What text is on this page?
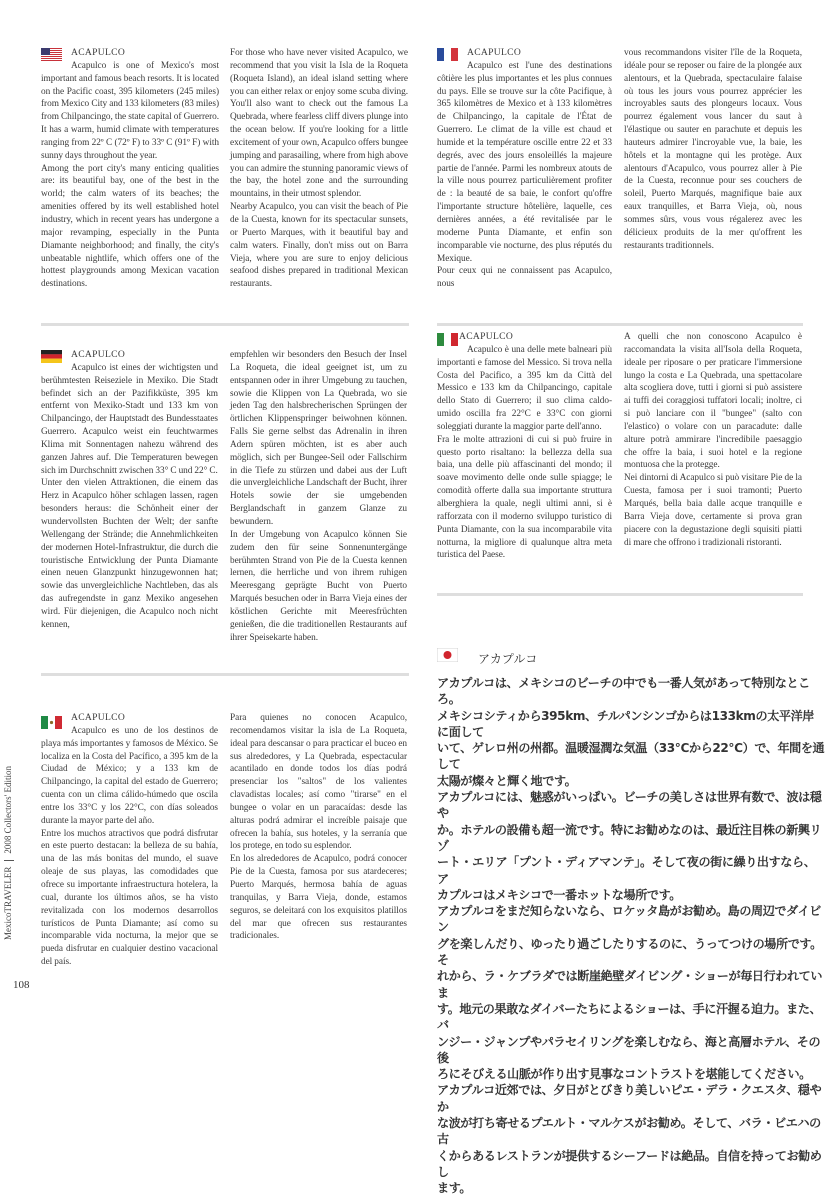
ACAPULCO

Acapulco is one of Mexico's most important and famous beach resorts. It is located on the Pacific coast, 395 kilometers (245 miles) from Mexico City and 133 kilometers (83 miles) from Chilpancingo, the state capital of Guerrero. It has a warm, humid climate with temperatures ranging from 22º C (72º F) to 33º C (91º F) with sunny days throughout the year.

Among the port city's many enticing qualities are: its beautiful bay, one of the best in the world; the calm waters of its beaches; the amenities offered by its well established hotel industry, which in recent years has undergone a major revamping, especially in the Punta Diamante neighborhood; and finally, the city's unbeatable nightlife, which offers one of the hottest playgrounds among Mexican vacation destinations.

For those who have never visited Acapulco, we recommend that you visit la Isla de la Roqueta (Roqueta Island), an ideal island setting where you can either relax or enjoy some scuba diving. You'll also want to check out the famous La Quebrada, where fearless cliff divers plunge into the ocean below. If you're looking for a little excitement of your own, Acapulco offers bungee jumping and parasailing, where from high above you can admire the stunning panoramic views of the bay, the hotel zone and the surrounding mountains, in their utmost splendor.

Nearby Acapulco, you can visit the beach of Pie de la Cuesta, known for its spectacular sunsets, or Puerto Marques, with it beautiful bay and calm waters. Finally, don't miss out on Barra Vieja, where you are sure to enjoy delicious seafood dishes prepared in traditional Mexican restaurants.

ACAPULCO

Acapulco est l'une des destinations côtière les plus importantes et les plus connues du pays. Elle se trouve sur la côte Pacifique, à 365 kilomètres de Mexico et à 133 kilomètres de Chilpancingo, la capitale de l'État de Guerrero. Le climat de la ville est chaud et humide et la température oscille entre 22 et 33 degrés, avec des jours ensoleillés la majeure partie de l'année. Parmi les nombreux atouts de la ville nous pourrez particulièrement profiter de : la beauté de sa baie, le confort qu'offre l'importante structure hôtelière, laquelle, ces dernières années, a été revitalisée par le moderne Punta Diamante, et enfin son incomparable vie nocturne, des plus réputés du Mexique.

Pour ceux qui ne connaissent pas Acapulco, nous

vous recommandons visiter l'île de la Roqueta, idéale pour se reposer ou faire de la plongée aux alentours, et la Quebrada, spectaculaire falaise où tous les jours vous pourrez apprécier les incroyables sauts des plongeurs locaux. Vous pourrez également vous lancer du saut à l'élastique ou sauter en parachute et depuis les hauteurs admirer l'incroyable vue, la baie, les hôtels et la montagne qui les protège. Aux alentours d'Acapulco, vous pourrez aller à Pie de la Cuesta, reconnue pour ses couchers de soleil, Puerto Marqués, magnifique baie aux eaux tranquilles, et Barra Vieja, où, nous sommes sûrs, vous vous régalerez avec les délicieux produits de la mer qu'offrent les restaurants traditionnels.

ACAPULCO

Acapulco ist eines der wichtigsten und berühmtesten Reiseziele in Mexiko. Die Stadt befindet sich an der Pazifikküste, 395 km entfernt von Mexiko-Stadt und 133 km von Chilpancingo, der Hauptstadt des Bundesstaates Guerrero. Acapulco weist ein feuchtwarmes Klima mit Sonnentagen nahezu während des ganzen Jahres auf. Die Temperaturen bewegen sich im Durchschnitt zwischen 33° C und 22° C.

Unter den vielen Attraktionen, die einem das Herz in Acapulco höher schlagen lassen, ragen besonders heraus: die Schönheit einer der wundervollsten Buchten der Welt; der sanfte Wellengang der Strände; die Annehmlichkeiten der modernen Hotel-Infrastruktur, die durch die touristische Entwicklung der Punta Diamante einen neuen Glanzpunkt hinzugewonnen hat; sowie das unvergleichliche Nachtleben, das als das aufregendste in ganz Mexiko angesehen wird. Für diejenigen, die Acapulco noch nicht kennen,

empfehlen wir besonders den Besuch der Insel La Roqueta, die ideal geeignet ist, um zu entspannen oder in ihrer Umgebung zu tauchen, sowie die Klippen von La Quebrada, wo sie jeden Tag den halsbrecherischen Sprüngen der örtlichen Klippenspringer beiwohnen können. Falls Sie gerne selbst das Adrenalin in ihren Adern spüren möchten, ist es aber auch möglich, sich per Bungee-Seil oder Fallschirm in die Tiefe zu stürzen und dabei aus der Luft die unvergleichliche Landschaft der Bucht, ihrer Hotels sowie der sie umgebenden Berglandschaft in ganzem Glanze zu bewundern.

In der Umgebung von Acapulco können Sie zudem den für seine Sonnenuntergänge berühmten Strand von Pie de la Cuesta kennen lernen, die herrliche und von ihrem ruhigen Meeresgang geprägte Bucht von Puerto Marqués besuchen oder in Barra Vieja eines der köstlichen Gerichte mit Meeresfrüchten genießen, die die traditionellen Restaurants auf ihrer Speisekarte haben.

ACAPULCO

Acapulco è una delle mete balneari più importanti e famose del Messico. Si trova nella Costa del Pacifico, a 395 km da Città del Messico e 133 km da Chilpancingo, capitale dello Stato di Guerrero; il suo clima caldo-umido oscilla fra 22°C e 33°C con giorni soleggiati durante la maggior parte dell'anno.

Fra le molte attrazioni di cui si può fruire in questo porto risaltano: la bellezza della sua baia, una delle più affascinanti del mondo; il soave movimento delle onde sulle spiagge; le comodità offerte dalla sua importante struttura alberghiera la quale, negli ultimi anni, si è rafforzata con il moderno sviluppo turistico di Punta Diamante, con la sua incomparabile vita notturna, la migliore di qualunque altra meta turistica del Paese.

A quelli che non conoscono Acapulco è raccomandata la visita all'Isola della Roqueta, ideale per riposare o per praticare l'immersione lungo la costa e La Quebrada, una spettacolare alta scogliera dove, tutti i giorni si può assistere ai tuffi dei coraggiosi tuffatori locali; inoltre, ci si può lanciare con il "bungee" (salto con l'elastico) o volare con un paracadute: dalle alture potrà ammirare l'incredibile paesaggio che offre la baia, i suoi hotel e la regione montuosa che la protegge.

Nei dintorni di Acapulco si può visitare Pie de la Cuesta, famosa per i suoi tramonti; Puerto Marqués, bella baia dalle acque tranquille e Barra Vieja dove, certamente si prova gran piacere con la degustazione degli squisiti piatti di mare che offrono i tradizionali ristoranti.

ACAPULCO

Acapulco es uno de los destinos de playa más importantes y famosos de México. Se localiza en la Costa del Pacífico, a 395 km de la Ciudad de México; y a 133 km de Chilpancingo, la capital del estado de Guerrero; cuenta con un clima cálido-húmedo que oscila entre los 33°C y los 22°C, con días soleados durante la mayor parte del año.

Entre los muchos atractivos que podrá disfrutar en este puerto destacan: la belleza de su bahía, una de las más bonitas del mundo, el suave oleaje de sus playas, las comodidades que ofrece su importante infraestructura hotelera, la cual, durante los últimos años, se ha visto revitalizada con los modernos desarrollos turísticos de Punta Diamante; así como su incomparable vida nocturna, la mejor que se pueda disfrutar en cualquier destino vacacional del país.

Para quienes no conocen Acapulco, recomendamos visitar la isla de La Roqueta, ideal para descansar o para practicar el buceo en sus alrededores, y La Quebrada, espectacular acantilado en donde todos los días podrá presenciar los "saltos" de los valientes clavadistas locales; así como "tirarse" en el bungee o volar en un paracaídas: desde las alturas podrá admirar el increíble paisaje que ofrecen la bahía, sus hoteles, y la serranía que los protege, en todo su esplendor.

En los alrededores de Acapulco, podrá conocer Pie de la Cuesta, famosa por sus atardeceres; Puerto Marqués, hermosa bahía de aguas tranquilas, y Barra Vieja, donde, estamos seguros, se deleitará con los exquisitos platillos del mar que ofrecen sus restaurantes tradicionales.

アカプルコ

アカプルコは、メキシコのビーチの中でも一番人気があって特別なところ。

メキシコシティから395km、チルパンシンゴからは133kmの太平洋岸に面して

いて、ゲレロ州の州都。温暖湿潤な気温（33℃から22℃）で、年間を通して

太陽が燦々と輝く地です。

アカプルコには、魅惑がいっぱい。ビーチの美しさは世界有数で、波は穏や

か。ホテルの設備も超一流です。特にお勧めなのは、最近注目株の新興リゾ

ート・エリア「プント・ディアマンテ」。そして夜の街に繰り出すなら、ア

カプルコはメキシコで一番ホットな場所です。

アカプルコをまだ知らないなら、ロケッタ島がお勧め。島の周辺でダイビン

グを楽しんだり、ゆったり過ごしたりするのに、うってつけの場所です。そ

れから、ラ・ケブラダでは断崖絶壁ダイビング・ショーが毎日行われていま

す。地元の果敢なダイバーたちによるショーは、手に汗握る迫力。また、バ

ンジー・ジャンプやパラセイリングを楽しむなら、海と高層ホテル、その後

ろにそびえる山脈が作り出す見事なコントラストを堪能してください。

アカプルコ近郊では、夕日がとびきり美しいピエ・デラ・クエスタ、穏やか

な波が打ち寄せるプエルト・マルケスがお勧め。そして、バラ・ビエハの古

くからあるレストランが提供するシーフードは絶品。自信を持ってお勧めし

ます。

MexicoTRAVELER2008 Collectors' Edition
108
